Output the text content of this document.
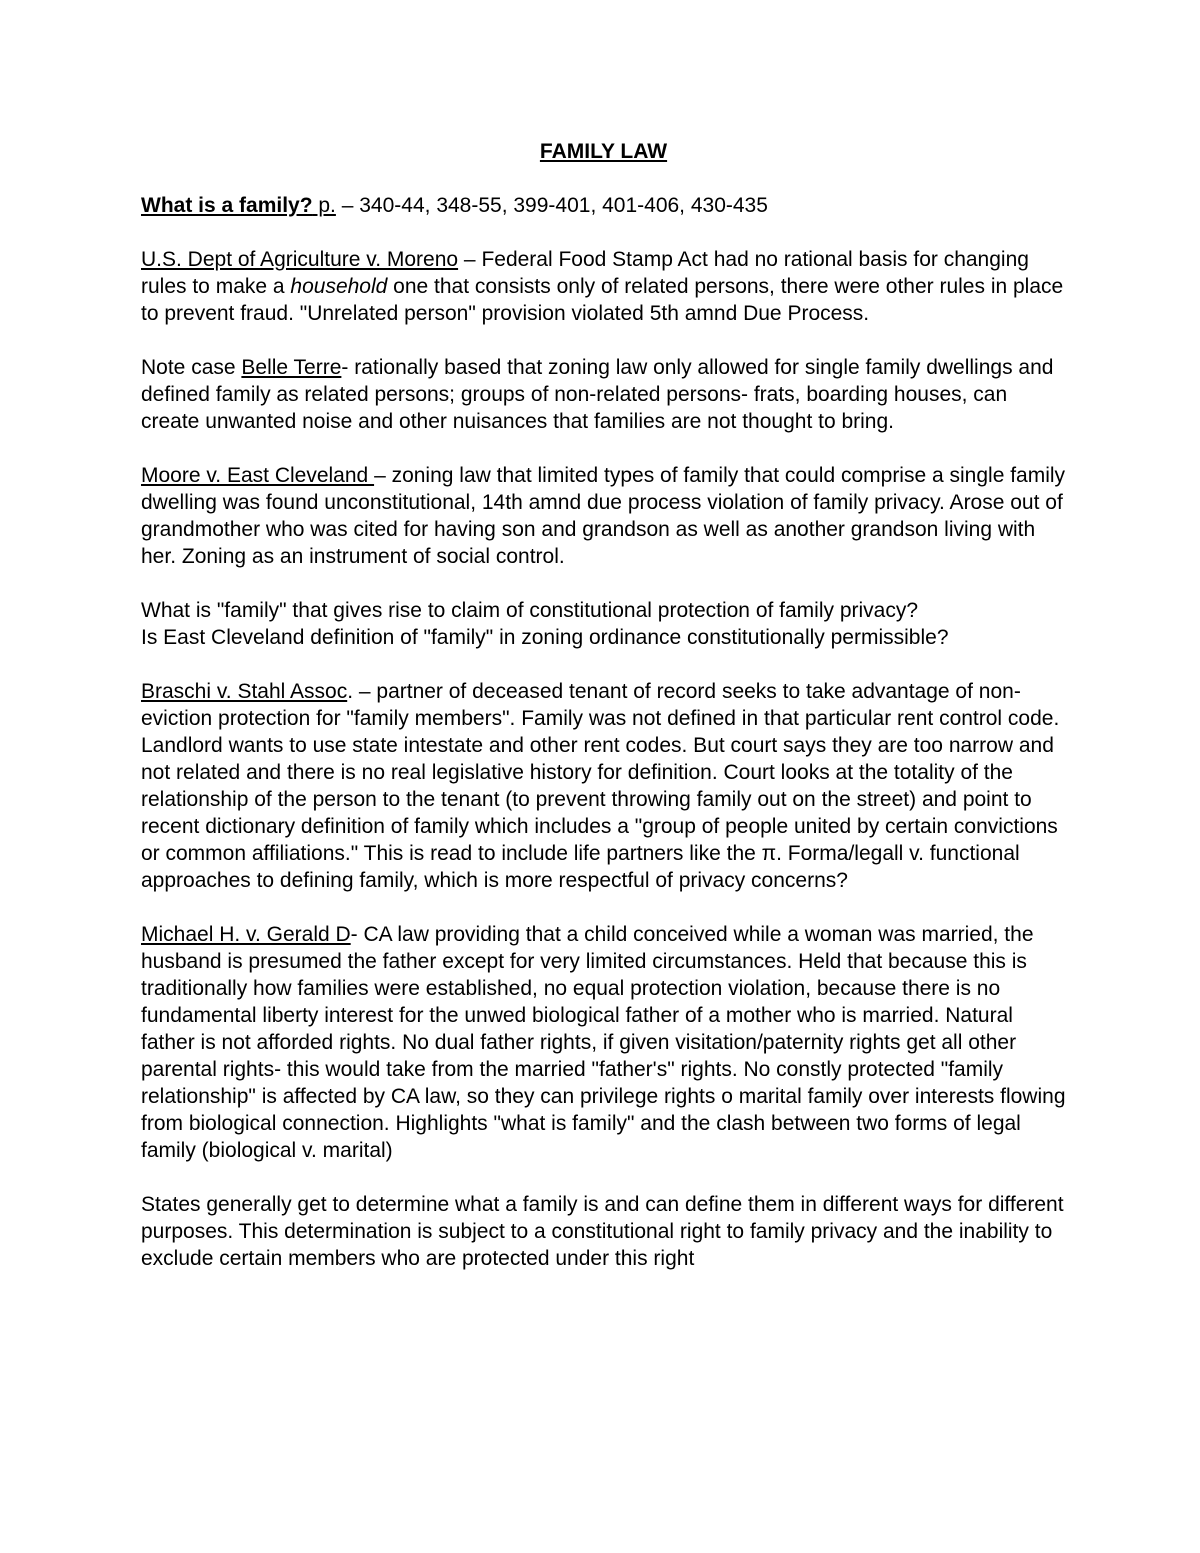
FAMILY LAW
What is a family? p. – 340-44, 348-55, 399-401, 401-406, 430-435
U.S. Dept of Agriculture v. Moreno – Federal Food Stamp Act had no rational basis for changing rules to make a household one that consists only of related persons, there were other rules in place to prevent fraud. "Unrelated person" provision violated 5th amnd Due Process.
Note case Belle Terre- rationally based that zoning law only allowed for single family dwellings and defined family as related persons; groups of non-related persons- frats, boarding houses, can create unwanted noise and other nuisances that families are not thought to bring.
Moore v. East Cleveland – zoning law that limited types of family that could comprise a single family dwelling was found unconstitutional, 14th amnd due process violation of family privacy. Arose out of grandmother who was cited for having son and grandson as well as another grandson living with her. Zoning as an instrument of social control.
What is "family" that gives rise to claim of constitutional protection of family privacy?
Is East Cleveland definition of "family" in zoning ordinance constitutionally permissible?
Braschi v. Stahl Assoc. – partner of deceased tenant of record seeks to take advantage of non-eviction protection for "family members". Family was not defined in that particular rent control code. Landlord wants to use state intestate and other rent codes. But court says they are too narrow and not related and there is no real legislative history for definition. Court looks at the totality of the relationship of the person to the tenant (to prevent throwing family out on the street) and point to recent dictionary definition of family which includes a "group of people united by certain convictions or common affiliations." This is read to include life partners like the π. Forma/legall v. functional approaches to defining family, which is more respectful of privacy concerns?
Michael H. v. Gerald D- CA law providing that a child conceived while a woman was married, the husband is presumed the father except for very limited circumstances. Held that because this is traditionally how families were established, no equal protection violation, because there is no fundamental liberty interest for the unwed biological father of a mother who is married. Natural father is not afforded rights. No dual father rights, if given visitation/paternity rights get all other parental rights- this would take from the married "father's" rights. No constly protected "family relationship" is affected by CA law, so they can privilege rights o marital family over interests flowing from biological connection. Highlights "what is family" and the clash between two forms of legal family (biological v. marital)
States generally get to determine what a family is and can define them in different ways for different purposes. This determination is subject to a constitutional right to family privacy and the inability to exclude certain members who are protected under this right
